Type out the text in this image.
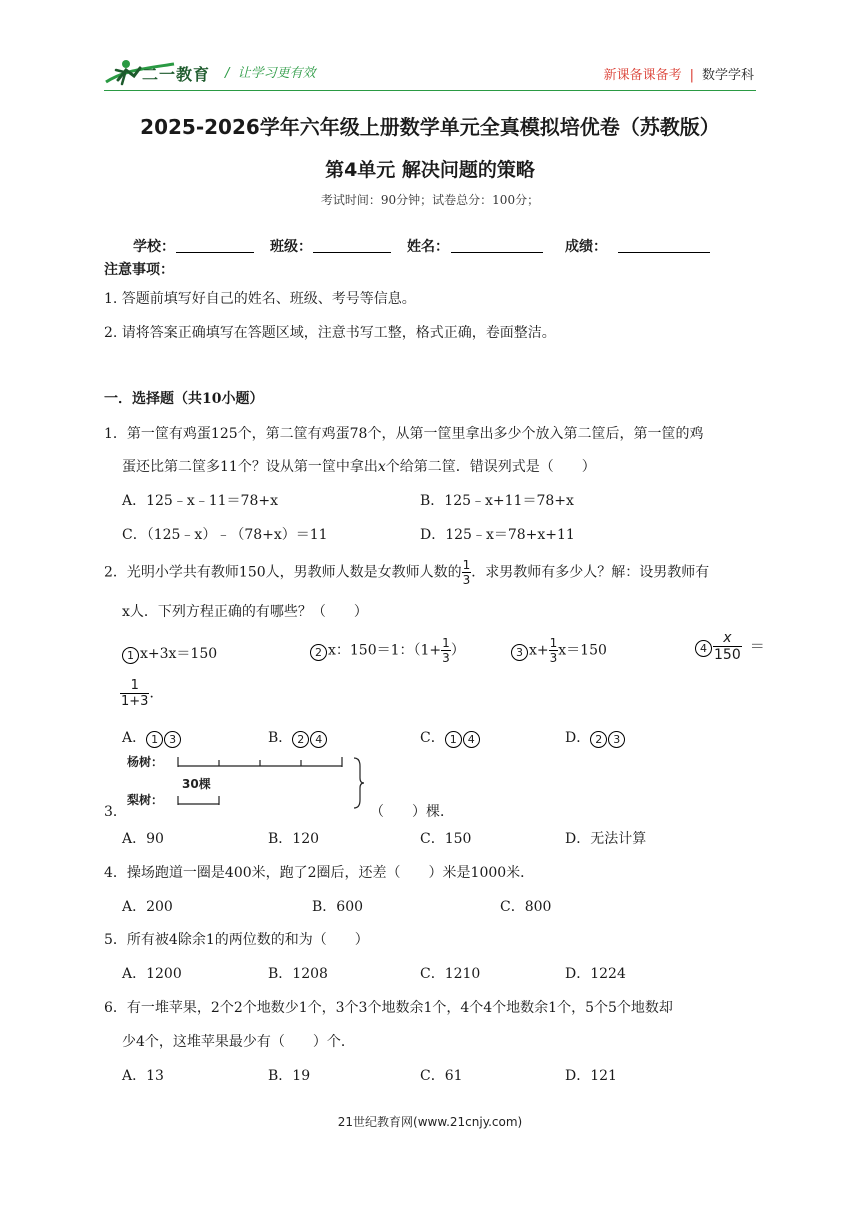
二一教育 /  让学习更有效	新课备课备考 | 数学学科
2025-2026学年六年级上册数学单元全真模拟培优卷（苏教版）
第4单元 解决问题的策略
考试时间：90分钟；试卷总分：100分；
学校：	班级：	姓名：	成绩：
注意事项：
1. 答题前填写好自己的姓名、班级、考号等信息。
2. 请将答案正确填写在答题区域，注意书写工整，格式正确，卷面整洁。
一．选择题（共10小题）
1．第一筐有鸡蛋125个，第二筐有鸡蛋78个，从第一筐里拿出多少个放入第二筐后，第一筐的鸡
蛋还比第二筐多11个？设从第一筐中拿出x个给第二筐．错误列式是（　　）
A．125﹣x﹣11＝78+x	B．125﹣x+11＝78+x
C．（125﹣x）﹣（78+x）＝11	D．125﹣x＝78+x+11
2．光明小学共有教师150人，男教师人数是女教师人数的 $\frac{1}{3}$ ．求男教师有多少人？解：设男教师有
x人．下列方程正确的有哪些？（　　）
1 x+3x＝150	2 x：150＝1：（$1+ \frac{1}{3}$ ）	3 $x+ \frac{1}{3} x=150$	$4 \frac{x}{150}$ ＝
$\frac{1}{1+3}$ ．
A． 1 3	B． 2 4	C． 1 4	D． 2 3
3．
杨树：
30棵
梨树：
（　　）棵．
A．90	B．120	C．150	D．无法计算
4．操场跑道一圈是400米，跑了2圈后，还差（　　）米是1000米．
A．200	B．600	C．800
5．所有被4除余1的两位数的和为（　　）
A．1200	B．1208	C．1210	D．1224
6．有一堆苹果，2个2个地数少1个，3个3个地数余1个，4个4个地数余1个，5个5个地数却
少4个，这堆苹果最少有（　　）个．
A．13	B．19	C．61	D．121
21世纪教育网(www.21cnjy.com)
